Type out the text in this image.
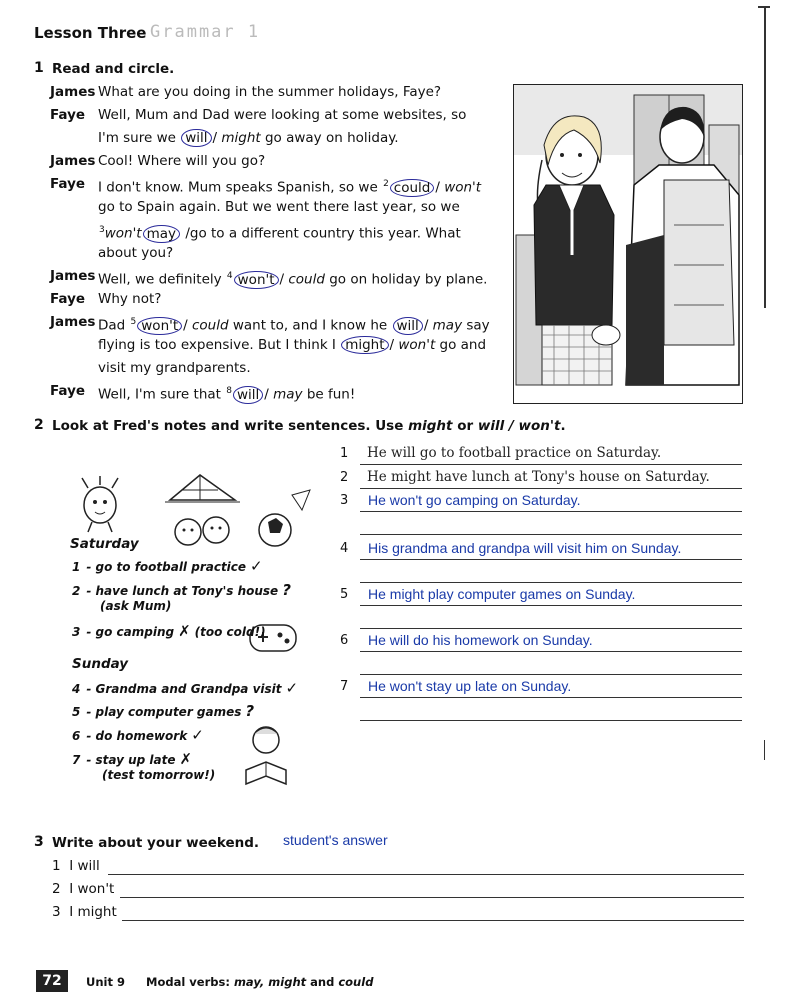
Lesson Three Grammar 1
1 Read and circle.
James What are you doing in the summer holidays, Faye?
Faye Well, Mum and Dad were looking at some websites, so
I'm sure we will / might go away on holiday.
James Cool! Where will you go?
Faye I don't know. Mum speaks Spanish, so we $^2$ could / won't
go to Spain again. But we went there last year, so we
$^3$won't may /go to a different country this year. What
about you?
James Well, we definitely $^4$ won't / could go on holiday by plane.
Faye Why not?
James Dad $^5$ won't / could want to, and I know he will / may say
flying is too expensive. But I think I might / won't go and
visit my grandparents.
Faye Well, I'm sure that $^8$ will / may be fun!
2 Look at Fred's notes and write sentences. Use might or will / won't.
Saturday
Sunday
1 - go to football practice ✓
2 - have lunch at Tony's house ?
(ask Mum)
3 - go camping ✗ (too cold!)
4 - Grandma and Grandpa visit ✓
5 - play computer games ?
6 - do homework ✓
7 - stay up late ✗
(test tomorrow!)
1 He will go to football practice on Saturday.
2 He might have lunch at Tony's house on Saturday.
3 He won't go camping on Saturday.
4 His grandma and grandpa will visit him on Sunday.
5 He might play computer games on Sunday.
6 He will do his homework on Sunday.
7 He won't stay up late on Sunday.
3 Write about your weekend. student's answer
1 I will
2 I won't
3 I might
72	Unit 9 Modal verbs: may, might and could
